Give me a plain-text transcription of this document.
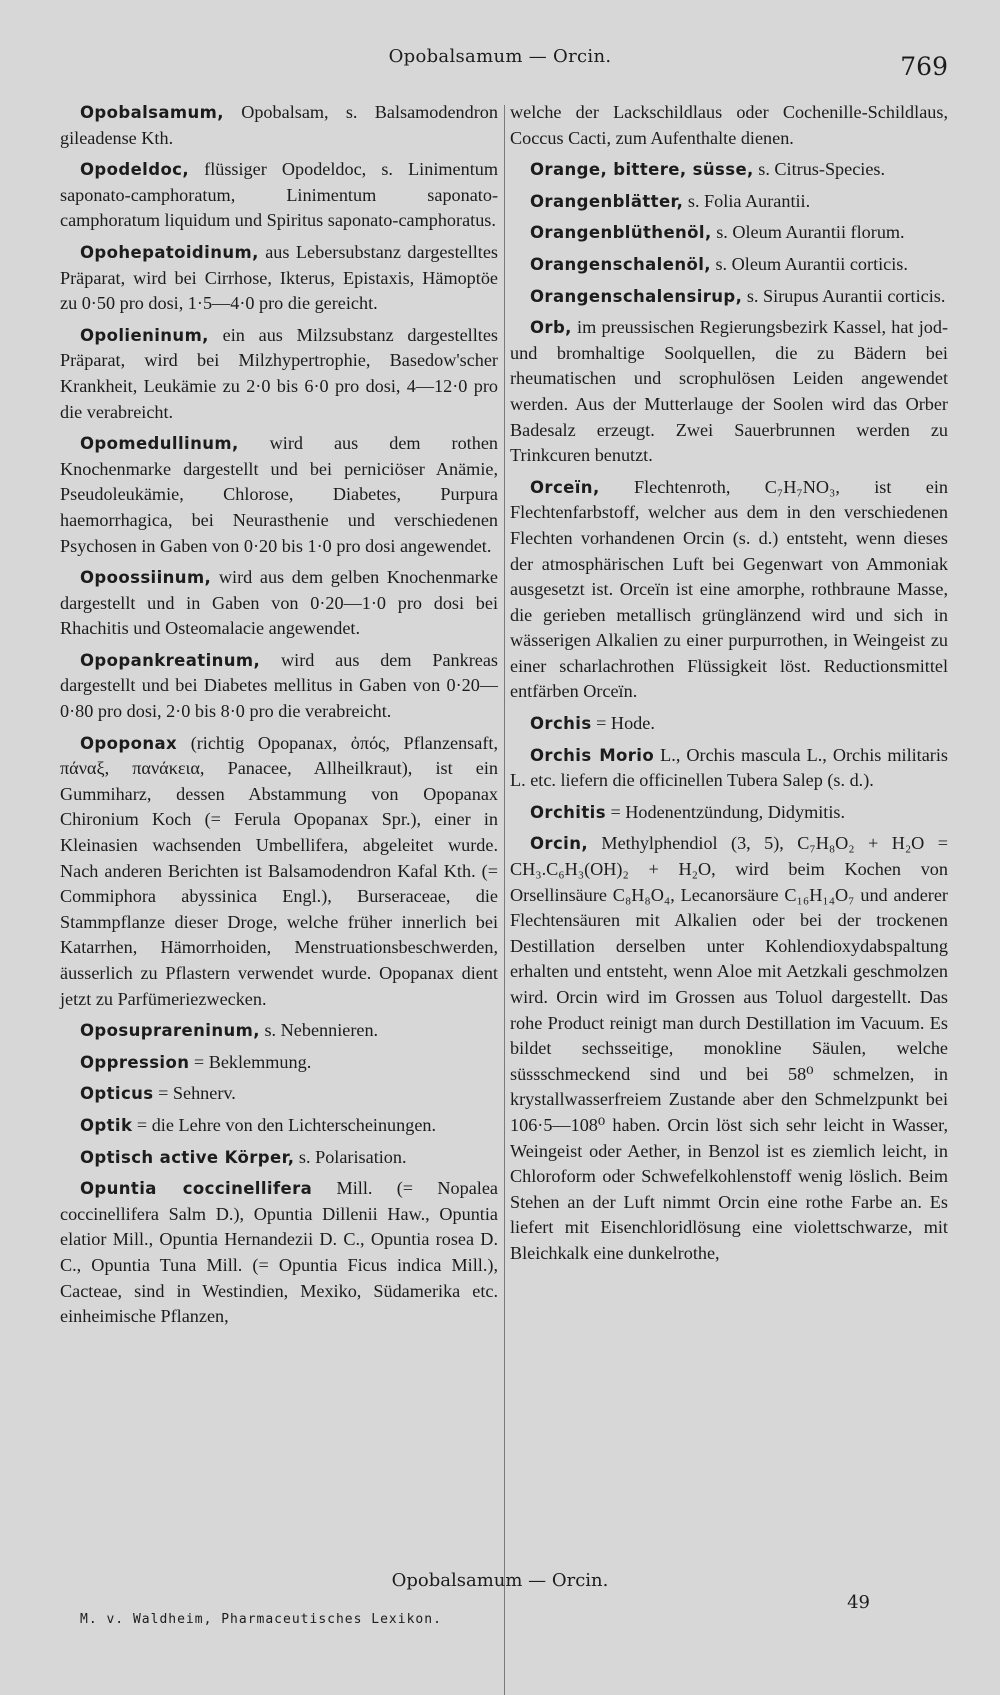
Opobalsamum — Orcin.	769

Opobalsamum, Opobalsam, s. Balsamodendron gileadense Kth.

Opodeldoc, flüssiger Opodeldoc, s. Linimentum saponato-camphoratum, Linimentum saponato-camphoratum liquidum und Spiritus saponato-camphoratus.

Opohepatoidinum, aus Lebersubstanz dargestelltes Präparat, wird bei Cirrhose, Ikterus, Epistaxis, Hämoptöe zu 0·50 pro dosi, 1·5—4·0 pro die gereicht.

Opolieninum, ein aus Milzsubstanz dargestelltes Präparat, wird bei Milzhypertrophie, Basedow'scher Krankheit, Leukämie zu 2·0 bis 6·0 pro dosi, 4—12·0 pro die verabreicht.

Opomedullinum, wird aus dem rothen Knochenmarke dargestellt und bei perniciöser Anämie, Pseudoleukämie, Chlorose, Diabetes, Purpura haemorrhagica, bei Neurasthenie und verschiedenen Psychosen in Gaben von 0·20 bis 1·0 pro dosi angewendet.

Opoossiinum, wird aus dem gelben Knochenmarke dargestellt und in Gaben von 0·20—1·0 pro dosi bei Rhachitis und Osteomalacie angewendet.

Opopankreatinum, wird aus dem Pankreas dargestellt und bei Diabetes mellitus in Gaben von 0·20—0·80 pro dosi, 2·0 bis 8·0 pro die verabreicht.

Opoponax (richtig Opopanax, ὀπός, Pflanzensaft, πάναξ, πανάκεια, Panacee, Allheilkraut), ist ein Gummiharz, dessen Abstammung von Opopanax Chironium Koch (= Ferula Opopanax Spr.), einer in Kleinasien wachsenden Umbellifera, abgeleitet wurde. Nach anderen Berichten ist Balsamodendron Kafal Kth. (= Commiphora abyssinica Engl.), Burseraceae, die Stammpflanze dieser Droge, welche früher innerlich bei Katarrhen, Hämorrhoiden, Menstruationsbeschwerden, äusserlich zu Pflastern verwendet wurde. Opopanax dient jetzt zu Parfümeriezwecken.

Oposuprareninum, s. Nebennieren.

Oppression = Beklemmung.

Opticus = Sehnerv.

Optik = die Lehre von den Lichterscheinungen.

Optisch active Körper, s. Polarisation.

Opuntia coccinellifera Mill. (= Nopalea coccinellifera Salm D.), Opuntia Dillenii Haw., Opuntia elatior Mill., Opuntia Hernandezii D. C., Opuntia rosea D. C., Opuntia Tuna Mill. (= Opuntia Ficus indica Mill.), Cacteae, sind in Westindien, Mexiko, Südamerika etc. einheimische Pflanzen,

welche der Lackschildlaus oder Cochenille-Schildlaus, Coccus Cacti, zum Aufenthalte dienen.

Orange, bittere, süsse, s. Citrus-Species.

Orangenblätter, s. Folia Aurantii.

Orangenblüthenöl, s. Oleum Aurantii florum.

Orangenschalenöl, s. Oleum Aurantii corticis.

Orangenschalensirup, s. Sirupus Aurantii corticis.

Orb, im preussischen Regierungsbezirk Kassel, hat jod- und bromhaltige Soolquellen, die zu Bädern bei rheumatischen und scrophulösen Leiden angewendet werden. Aus der Mutterlauge der Soolen wird das Orber Badesalz erzeugt. Zwei Sauerbrunnen werden zu Trinkcuren benutzt.

Orceïn, Flechtenroth, C₇H₇NO₃, ist ein Flechtenfarbstoff, welcher aus dem in den verschiedenen Flechten vorhandenen Orcin (s. d.) entsteht, wenn dieses der atmosphärischen Luft bei Gegenwart von Ammoniak ausgesetzt ist. Orceïn ist eine amorphe, rothbraune Masse, die gerieben metallisch grünglänzend wird und sich in wässerigen Alkalien zu einer purpurrothen, in Weingeist zu einer scharlachrothen Flüssigkeit löst. Reductionsmittel entfärben Orceïn.

Orchis = Hode.

Orchis Morio L., Orchis mascula L., Orchis militaris L. etc. liefern die officinellen Tubera Salep (s. d.).

Orchitis = Hodenentzündung, Didymitis.

Orcin, Methylphendiol (3, 5), C₇H₈O₂ + H₂O = CH₃.C₆H₃(OH)₂ + H₂O, wird beim Kochen von Orsellinsäure C₈H₈O₄, Lecanorsäure C₁₆H₁₄O₇ und anderer Flechtensäuren mit Alkalien oder bei der trockenen Destillation derselben unter Kohlendioxydabspaltung erhalten und entsteht, wenn Aloe mit Aetzkali geschmolzen wird. Orcin wird im Grossen aus Toluol dargestellt. Das rohe Product reinigt man durch Destillation im Vacuum. Es bildet sechsseitige, monokline Säulen, welche süssschmeckend sind und bei 58⁰ schmelzen, in krystallwasserfreiem Zustande aber den Schmelzpunkt bei 106·5—108⁰ haben. Orcin löst sich sehr leicht in Wasser, Weingeist oder Aether, in Benzol ist es ziemlich leicht, in Chloroform oder Schwefelkohlenstoff wenig löslich. Beim Stehen an der Luft nimmt Orcin eine rothe Farbe an. Es liefert mit Eisenchloridlösung eine violettschwarze, mit Bleichkalk eine dunkelrothe,

Opobalsamum — Orcin.
49
M. v. Waldheim, Pharmaceutisches Lexikon.
